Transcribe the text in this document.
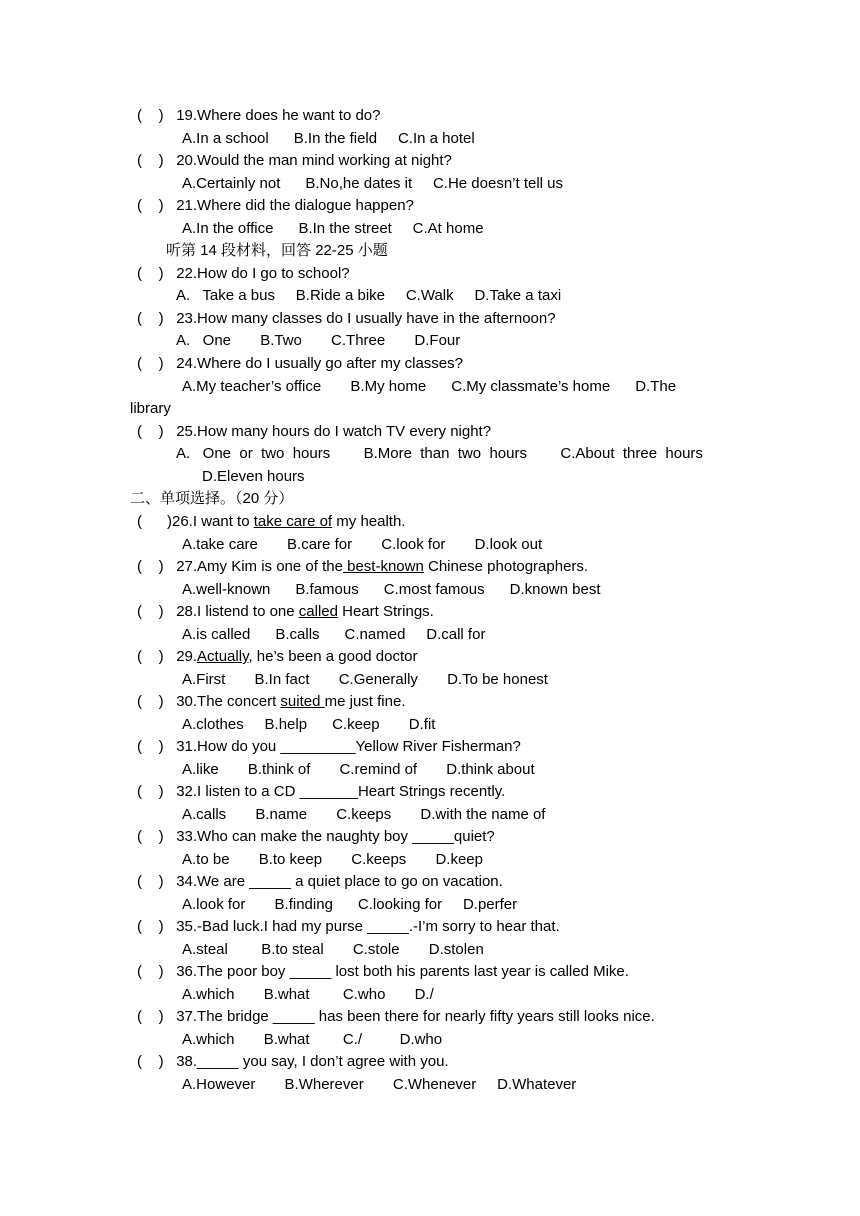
(    ) 19.Where does he want to do?
A.In a school      B.In the field     C.In a hotel
(    ) 20.Would the man mind working at night?
A.Certainly not      B.No,he dates it     C.He doesn’t tell us
(    ) 21.Where did the dialogue happen?
A.In the office      B.In the street     C.At home
听第 14 段材料，回答 22-25 小题
(    ) 22.How do I go to school?
A.   Take a bus     B.Ride a bike     C.Walk     D.Take a taxi
(    ) 23.How many classes do I usually have in the afternoon?
A.   One       B.Two       C.Three       D.Four
(    ) 24.Where do I usually go after my classes?
A.My teacher’s office       B.My home      C.My classmate’s home      D.The
library
(    ) 25.How many hours do I watch TV every night?
A.   One  or  two  hours        B.More  than  two  hours        C.About  three  hours
D.Eleven hours
二、单项选择。（20 分）
(      )26.I want to take care of my health.
A.take care       B.care for       C.look for       D.look out
(    ) 27.Amy Kim is one of the best-known Chinese photographers.
A.well-known      B.famous      C.most famous      D.known best
(    ) 28.I listend to one called Heart Strings.
A.is called      B.calls      C.named     D.call for
(    ) 29.Actually, he’s been a good doctor
A.First       B.In fact       C.Generally       D.To be honest
(    ) 30.The concert suited me just fine.
A.clothes     B.help      C.keep       D.fit
(    ) 31.How do you _________Yellow River Fisherman?
A.like       B.think of       C.remind of       D.think about
(    ) 32.I listen to a CD _______Heart Strings recently.
A.calls       B.name       C.keeps       D.with the name of
(    ) 33.Who can make the naughty boy _____quiet?
A.to be       B.to keep       C.keeps       D.keep
(    ) 34.We are _____ a quiet place to go on vacation.
A.look for       B.finding      C.looking for     D.perfer
(    ) 35.-Bad luck.I had my purse _____.-I’m sorry to hear that.
A.steal        B.to steal       C.stole       D.stolen
(    ) 36.The poor boy _____ lost both his parents last year is called Mike.
A.which       B.what        C.who       D./
(    ) 37.The bridge _____ has been there for nearly fifty years still looks nice.
A.which       B.what        C./         D.who
(    ) 38._____ you say, I don’t agree with you.
A.However       B.Wherever       C.Whenever     D.Whatever
